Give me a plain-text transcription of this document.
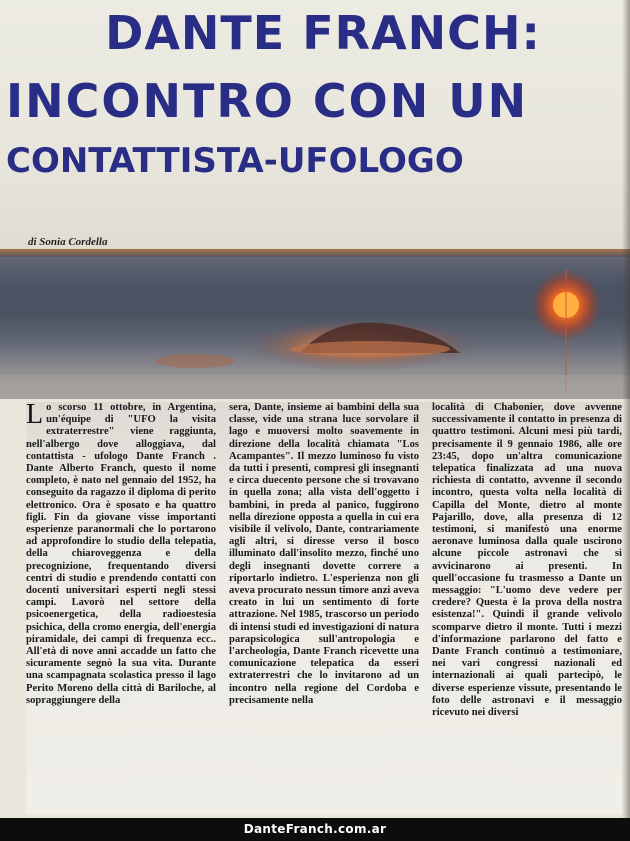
DANTE FRANCH:
INCONTRO CON UN
CONTATTISTA-UFOLOGO
di Sonia Cordella

Lo scorso 11 ottobre, in Argentina, un'équipe di "UFO la visita extraterrestre" viene raggiunta, nell'albergo dove alloggiava, dal contattista - ufologo Dante Franch . Dante Alberto Franch, questo il nome completo, è nato nel gennaio del 1952, ha conseguito da ragazzo il diploma di perito elettronico. Ora è sposato e ha quattro figli. Fin da giovane visse importanti esperienze paranormali che lo portarono ad approfondire lo studio della telepatia, della chiaroveggenza e della precognizione, frequentando diversi centri di studio e prendendo contatti con docenti universitari esperti negli stessi campi. Lavorò nel settore della psicoenergetica, della radioestesia psichica, della cromo energia, dell'energia piramidale, dei campi di frequenza ecc.. All'età di nove anni accadde un fatto che sicuramente segnò la sua vita. Durante una scampagnata scolastica presso il lago Perito Moreno della città di Bariloche, al sopraggiungere della

sera, Dante, insieme ai bambini della sua classe, vide una strana luce sorvolare il lago e muoversi molto soavemente in direzione della località chiamata "Los Acampantes". Il mezzo luminoso fu visto da tutti i presenti, compresi gli insegnanti e circa duecento persone che si trovavano in quella zona; alla vista dell'oggetto i bambini, in preda al panico, fuggirono nella direzione opposta a quella in cui era visibile il velivolo, Dante, contrariamente agli altri, si diresse verso il bosco illuminato dall'insolito mezzo, finché uno degli insegnanti dovette correre a riportarlo indietro. L'esperienza non gli aveva procurato nessun timore anzi aveva creato in lui un sentimento di forte attrazione. Nel 1985, trascorso un periodo di intensi studi ed investigazioni di natura parapsicologica sull'antropologia e l'archeologia, Dante Franch ricevette una comunicazione telepatica da esseri extraterrestri che lo invitarono ad un incontro nella regione del Cordoba e precisamente nella

località di Chabonier, dove avvenne successivamente il contatto in presenza di quattro testimoni. Alcuni mesi più tardi, precisamente il 9 gennaio 1986, alle ore 23:45, dopo un'altra comunicazione telepatica finalizzata ad una nuova richiesta di contatto, avvenne il secondo incontro, questa volta nella località di Capilla del Monte, dietro al monte Pajarillo, dove, alla presenza di 12 testimoni, si manifestò una enorme aeronave luminosa dalla quale uscirono alcune piccole astronavi che si avvicinarono ai presenti. In quell'occasione fu trasmesso a Dante un messaggio: "L'uomo deve vedere per credere? Questa è la prova della nostra esistenza!". Quindi il grande velivolo scomparve dietro il monte. Tutti i mezzi d'informazione parlarono del fatto e Dante Franch continuò a testimoniare, nei vari congressi nazionali ed internazionali ai quali partecipò, le diverse esperienze vissute, presentando le foto delle astronavi e il messaggio ricevuto nei diversi

DanteFranch.com.ar
